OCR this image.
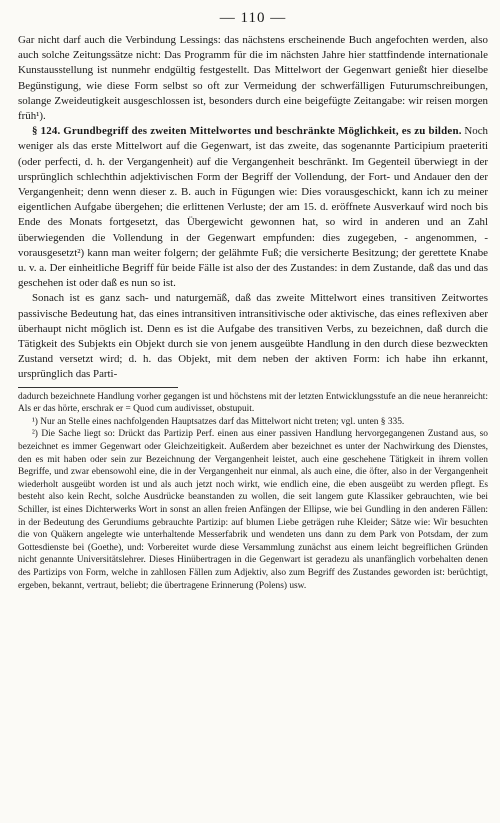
— 110 —

Gar nicht darf auch die Verbindung Lessings: das nächstens erscheinende Buch angefochten werden, also auch solche Zeitungssätze nicht: Das Programm für die im nächsten Jahre hier stattfindende internationale Kunstausstellung ist nunmehr endgültig festgestellt. Das Mittelwort der Gegenwart genießt hier dieselbe Begünstigung, wie diese Form selbst so oft zur Vermeidung der schwerfälligen Futurumschreibungen, solange Zweideutigkeit ausgeschlossen ist, besonders durch eine beigefügte Zeitangabe: wir reisen morgen früh¹).

§ 124. Grundbegriff des zweiten Mittelwortes und beschränkte Möglichkeit, es zu bilden. Noch weniger als das erste Mittelwort auf die Gegenwart, ist das zweite, das sogenannte Participium praeteriti (oder perfecti, d. h. der Vergangenheit) auf die Vergangenheit beschränkt. Im Gegenteil überwiegt in der ursprünglich schlechthin adjektivischen Form der Begriff der Vollendung, der Fort- und Andauer den der Vergangenheit; denn wenn dieser z. B. auch in Fügungen wie: Dies vorausgeschickt, kann ich zu meiner eigentlichen Aufgabe übergehen; die erlittenen Verluste; der am 15. d. eröffnete Ausverkauf wird noch bis Ende des Monats fortgesetzt, das Übergewicht gewonnen hat, so wird in anderen und an Zahl überwiegenden die Vollendung in der Gegenwart empfunden: dies zugegeben, - angenommen, - vorausgesetzt²) kann man weiter folgern; der gelähmte Fuß; die versicherte Besitzung; der gerettete Knabe u. v. a. Der einheitliche Begriff für beide Fälle ist also der des Zustandes: in dem Zustande, daß das und das geschehen ist oder daß es nun so ist.

Sonach ist es ganz sach- und naturgemäß, daß das zweite Mittelwort eines transitiven Zeitwortes passivische Bedeutung hat, das eines intransitiven intransitivische oder aktivische, das eines reflexiven aber überhaupt nicht möglich ist. Denn es ist die Aufgabe des transitiven Verbs, zu bezeichnen, daß durch die Tätigkeit des Subjekts ein Objekt durch sie von jenem ausgeübte Handlung in den durch diese bezweckten Zustand versetzt wird; d. h. das Objekt, mit dem neben der aktiven Form: ich habe ihn erkannt, ursprünglich das Parti-

dadurch bezeichnete Handlung vorher gegangen ist und höchstens mit der letzten Entwicklungsstufe an die neue heranreicht: Als er das hörte, erschrak er = Quod cum audivisset, obstupuit.

¹) Nur an Stelle eines nachfolgenden Hauptsatzes darf das Mittelwort nicht treten; vgl. unten § 335.

²) Die Sache liegt so: Drückt das Partizip Perf. einen aus einer passiven Handlung hervorgegangenen Zustand aus, so bezeichnet es immer Gegenwart oder Gleichzeitigkeit. Außerdem aber bezeichnet es unter der Nachwirkung des Dienstes, den es mit haben oder sein zur Bezeichnung der Vergangenheit leistet, auch eine geschehene Tätigkeit in ihrem vollen Begriffe, und zwar ebensowohl eine, die in der Vergangenheit nur einmal, als auch eine, die öfter, also in der Vergangenheit wiederholt ausgeübt worden ist und als auch jetzt noch wirkt, wie endlich eine, die eben ausgeübt zu werden pflegt. Es besteht also kein Recht, solche Ausdrücke beanstanden zu wollen, die seit langem gute Klassiker gebrauchten, wie bei Schiller, ist eines Dichterwerks Wort in sonst an allen freien Anfängen der Ellipse, wie bei Gundling in den anderen Fällen: in der Bedeutung des Gerundiums gebrauchte Partizip: auf blumen Liebe geträgen ruhe Kleider; Sätze wie: Wir besuchten die von Quäkern angelegte wie unterhaltende Messerfabrik und wendeten uns dann zu dem Park von Potsdam, der zum Gottesdienste bei (Goethe), und: Vorbereitet wurde diese Versammlung zunächst aus einem leicht begreiflichen Gründen nicht genannte Universitätslehrer. Dieses Hinübertragen in die Gegenwart ist geradezu als unanfänglich vorbehalten denen des Partizips von Form, welche in zahllosen Fällen zum Adjektiv, also zum Begriff des Zustandes geworden ist: berüchtigt, ergeben, bekannt, vertraut, beliebt; die übertragene Erinnerung (Polens) usw.
